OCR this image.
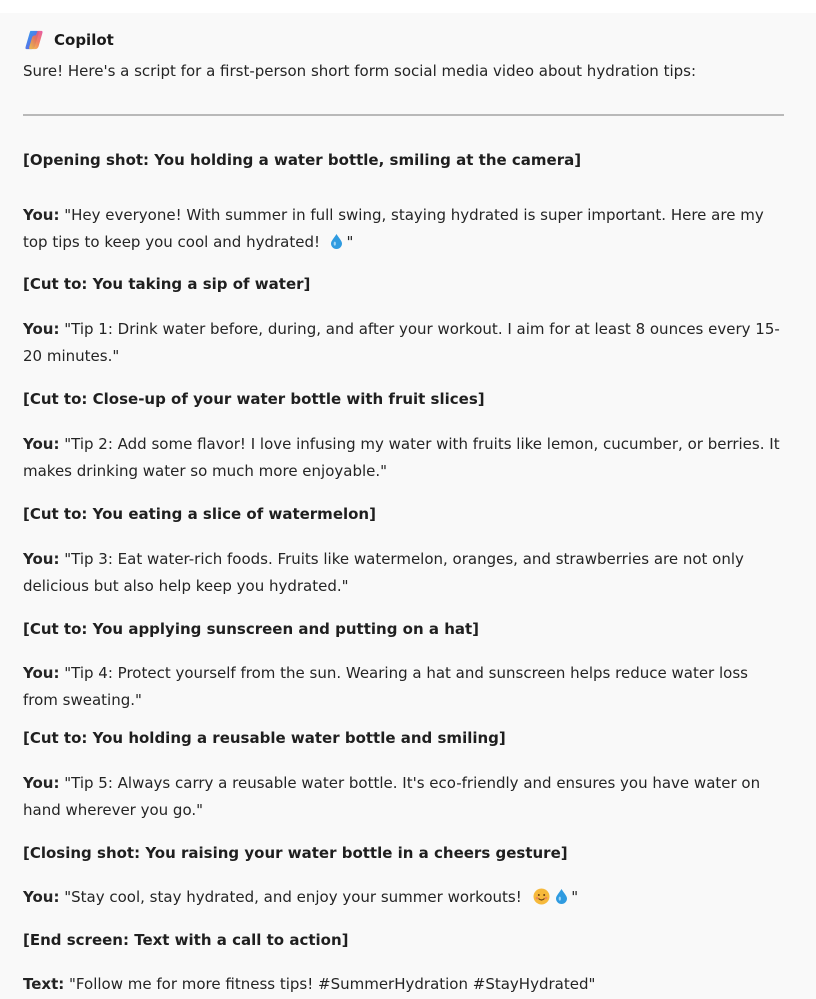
Copilot
Sure! Here's a script for a first-person short form social media video about hydration tips:
[Opening shot: You holding a water bottle, smiling at the camera]
You: "Hey everyone! With summer in full swing, staying hydrated is super important. Here are my top tips to keep you cool and hydrated!  "
[Cut to: You taking a sip of water]
You: "Tip 1: Drink water before, during, and after your workout. I aim for at least 8 ounces every 15-20 minutes."
[Cut to: Close-up of your water bottle with fruit slices]
You: "Tip 2: Add some flavor! I love infusing my water with fruits like lemon, cucumber, or berries. It makes drinking water so much more enjoyable."
[Cut to: You eating a slice of watermelon]
You: "Tip 3: Eat water-rich foods. Fruits like watermelon, oranges, and strawberries are not only delicious but also help keep you hydrated."
[Cut to: You applying sunscreen and putting on a hat]
You: "Tip 4: Protect yourself from the sun. Wearing a hat and sunscreen helps reduce water loss from sweating."
[Cut to: You holding a reusable water bottle and smiling]
You: "Tip 5: Always carry a reusable water bottle. It's eco-friendly and ensures you have water on hand wherever you go."
[Closing shot: You raising your water bottle in a cheers gesture]
You: "Stay cool, stay hydrated, and enjoy your summer workouts!	"
[End screen: Text with a call to action]
Text: "Follow me for more fitness tips! #SummerHydration #StayHydrated"
